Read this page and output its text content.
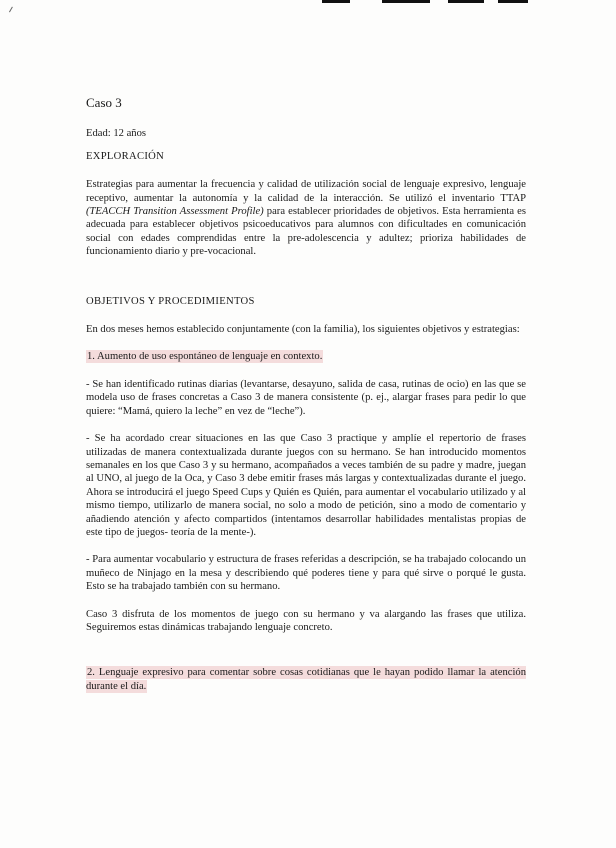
Caso 3
Edad: 12 años
EXPLORACIÓN

Estrategias para aumentar la frecuencia y calidad de utilización social de lenguaje expresivo, lenguaje receptivo, aumentar la autonomía y la calidad de la interacción. Se utilizó el inventario TTAP (TEACCH Transition Assessment Profile) para establecer prioridades de objetivos. Esta herramienta es adecuada para establecer objetivos psicoeducativos para alumnos con dificultades en comunicación social con edades comprendidas entre la pre-adolescencia y adultez; prioriza habilidades de funcionamiento diario y pre-vocacional.

OBJETIVOS Y PROCEDIMIENTOS

En dos meses hemos establecido conjuntamente (con la familia), los siguientes objetivos y estrategias:

1. Aumento de uso espontáneo de lenguaje en contexto.

- Se han identificado rutinas diarias (levantarse, desayuno, salida de casa, rutinas de ocio) en las que se modela uso de frases concretas a Caso 3 de manera consistente (p. ej., alargar frases para pedir lo que quiere: “Mamá, quiero la leche” en vez de “leche”).

- Se ha acordado crear situaciones en las que Caso 3 practique y amplíe el repertorio de frases utilizadas de manera contextualizada durante juegos con su hermano. Se han introducido momentos semanales en los que Caso 3 y su hermano, acompañados a veces también de su padre y madre, juegan al UNO, al juego de la Oca, y Caso 3 debe emitir frases más largas y contextualizadas durante el juego. Ahora se introducirá el juego Speed Cups y Quién es Quién, para aumentar el vocabulario utilizado y al mismo tiempo, utilizarlo de manera social, no solo a modo de petición, sino a modo de comentario y añadiendo atención y afecto compartidos (intentamos desarrollar habilidades mentalistas propias de este tipo de juegos- teoría de la mente-).

- Para aumentar vocabulario y estructura de frases referidas a descripción, se ha trabajado colocando un muñeco de Ninjago en la mesa y describiendo qué poderes tiene y para qué sirve o porqué le gusta. Esto se ha trabajado también con su hermano.

Caso 3 disfruta de los momentos de juego con su hermano y va alargando las frases que utiliza. Seguiremos estas dinámicas trabajando lenguaje concreto.

2. Lenguaje expresivo para comentar sobre cosas cotidianas que le hayan podido llamar la atención durante el día.
